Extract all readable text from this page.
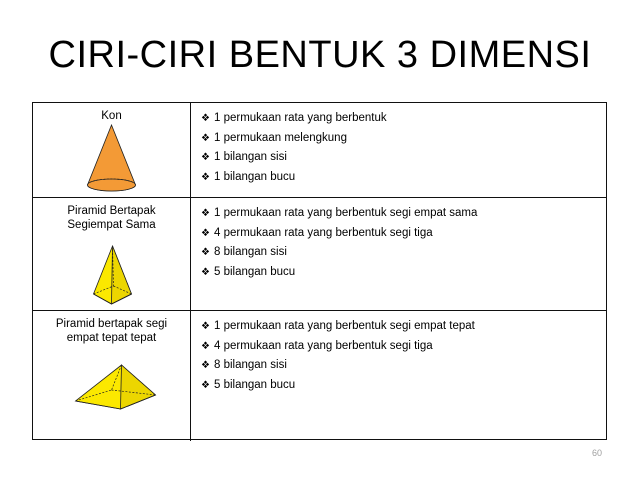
CIRI-CIRI BENTUK 3 DIMENSI
Kon	❖ 1 permukaan rata yang berbentuk
❖ 1 permukaan melengkung
❖ 1 bilangan sisi
❖ 1 bilangan bucu
Piramid Bertapak
Segiempat Sama
❖ 1 permukaan rata yang berbentuk segi empat sama
❖ 4 permukaan rata yang berbentuk segi tiga
❖ 8 bilangan sisi
❖ 5 bilangan bucu
Piramid bertapak segi
empat tepat tepat
❖ 1 permukaan rata yang berbentuk segi empat tepat
❖ 4 permukaan rata yang berbentuk segi tiga
❖ 8 bilangan sisi
❖ 5 bilangan bucu
60
